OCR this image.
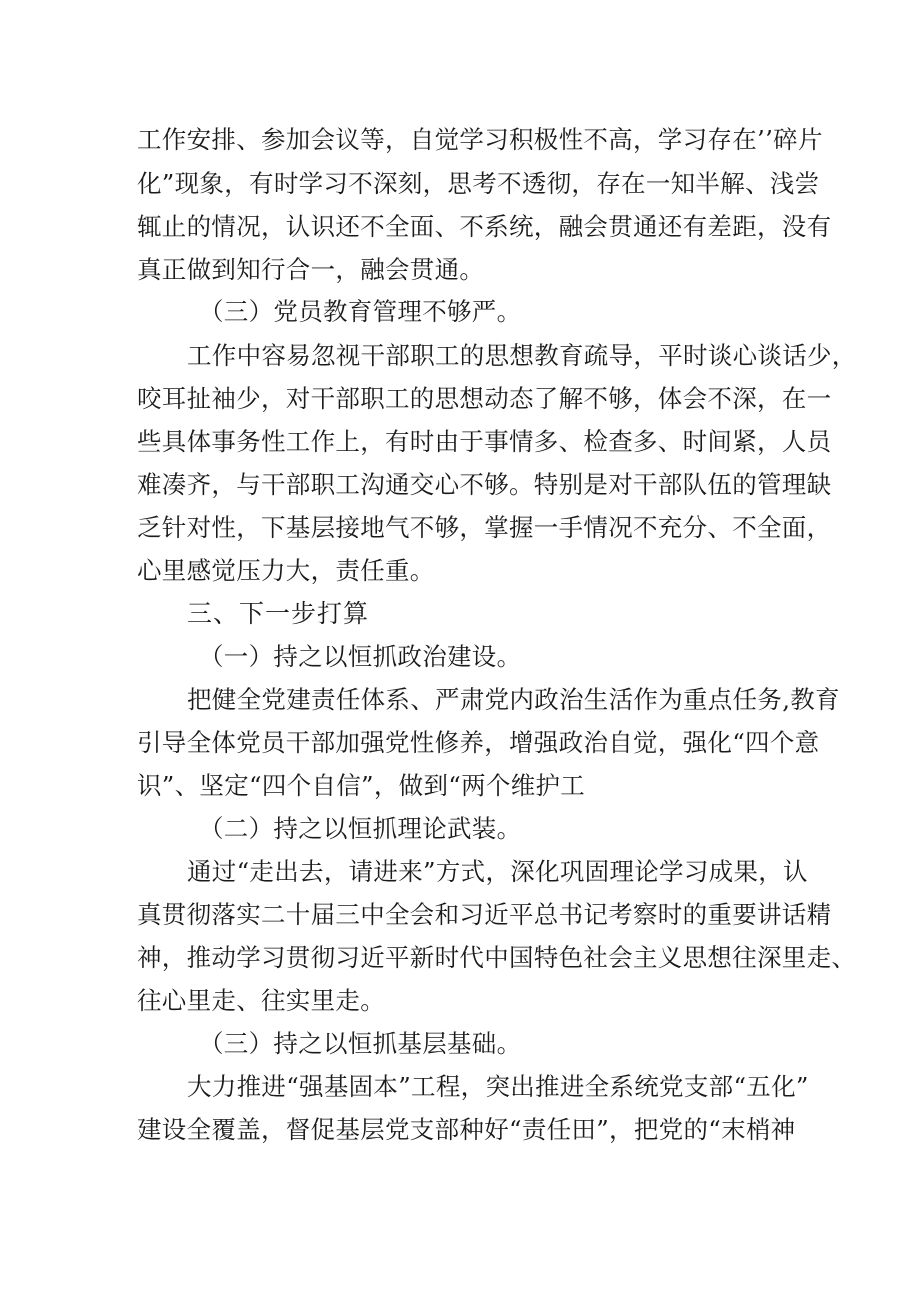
工作安排、参加会议等，自觉学习积极性不高，学习存在’’碎片
化”现象，有时学习不深刻，思考不透彻，存在一知半解、浅尝
辄止的情况，认识还不全面、不系统，融会贯通还有差距，没有
真正做到知行合一，融会贯通。
（三）党员教育管理不够严。
工作中容易忽视干部职工的思想教育疏导，平时谈心谈话少，
咬耳扯袖少，对干部职工的思想动态了解不够，体会不深，在一
些具体事务性工作上，有时由于事情多、检查多、时间紧，人员
难凑齐，与干部职工沟通交心不够。特别是对干部队伍的管理缺
乏针对性，下基层接地气不够，掌握一手情况不充分、不全面，
心里感觉压力大，责任重。
三、下一步打算
（一）持之以恒抓政治建设。
把健全党建责任体系、严肃党内政治生活作为重点任务,教育
引导全体党员干部加强党性修养，增强政治自觉，强化“四个意
识”、坚定“四个自信”，做到“两个维护工
（二）持之以恒抓理论武装。
通过“走出去，请进来”方式，深化巩固理论学习成果，认
真贯彻落实二十届三中全会和习近平总书记考察时的重要讲话精
神，推动学习贯彻习近平新时代中国特色社会主义思想往深里走、
往心里走、往实里走。
（三）持之以恒抓基层基础。
大力推进“强基固本”工程，突出推进全系统党支部“五化”
建设全覆盖，督促基层党支部种好“责任田”，把党的“末梢神
